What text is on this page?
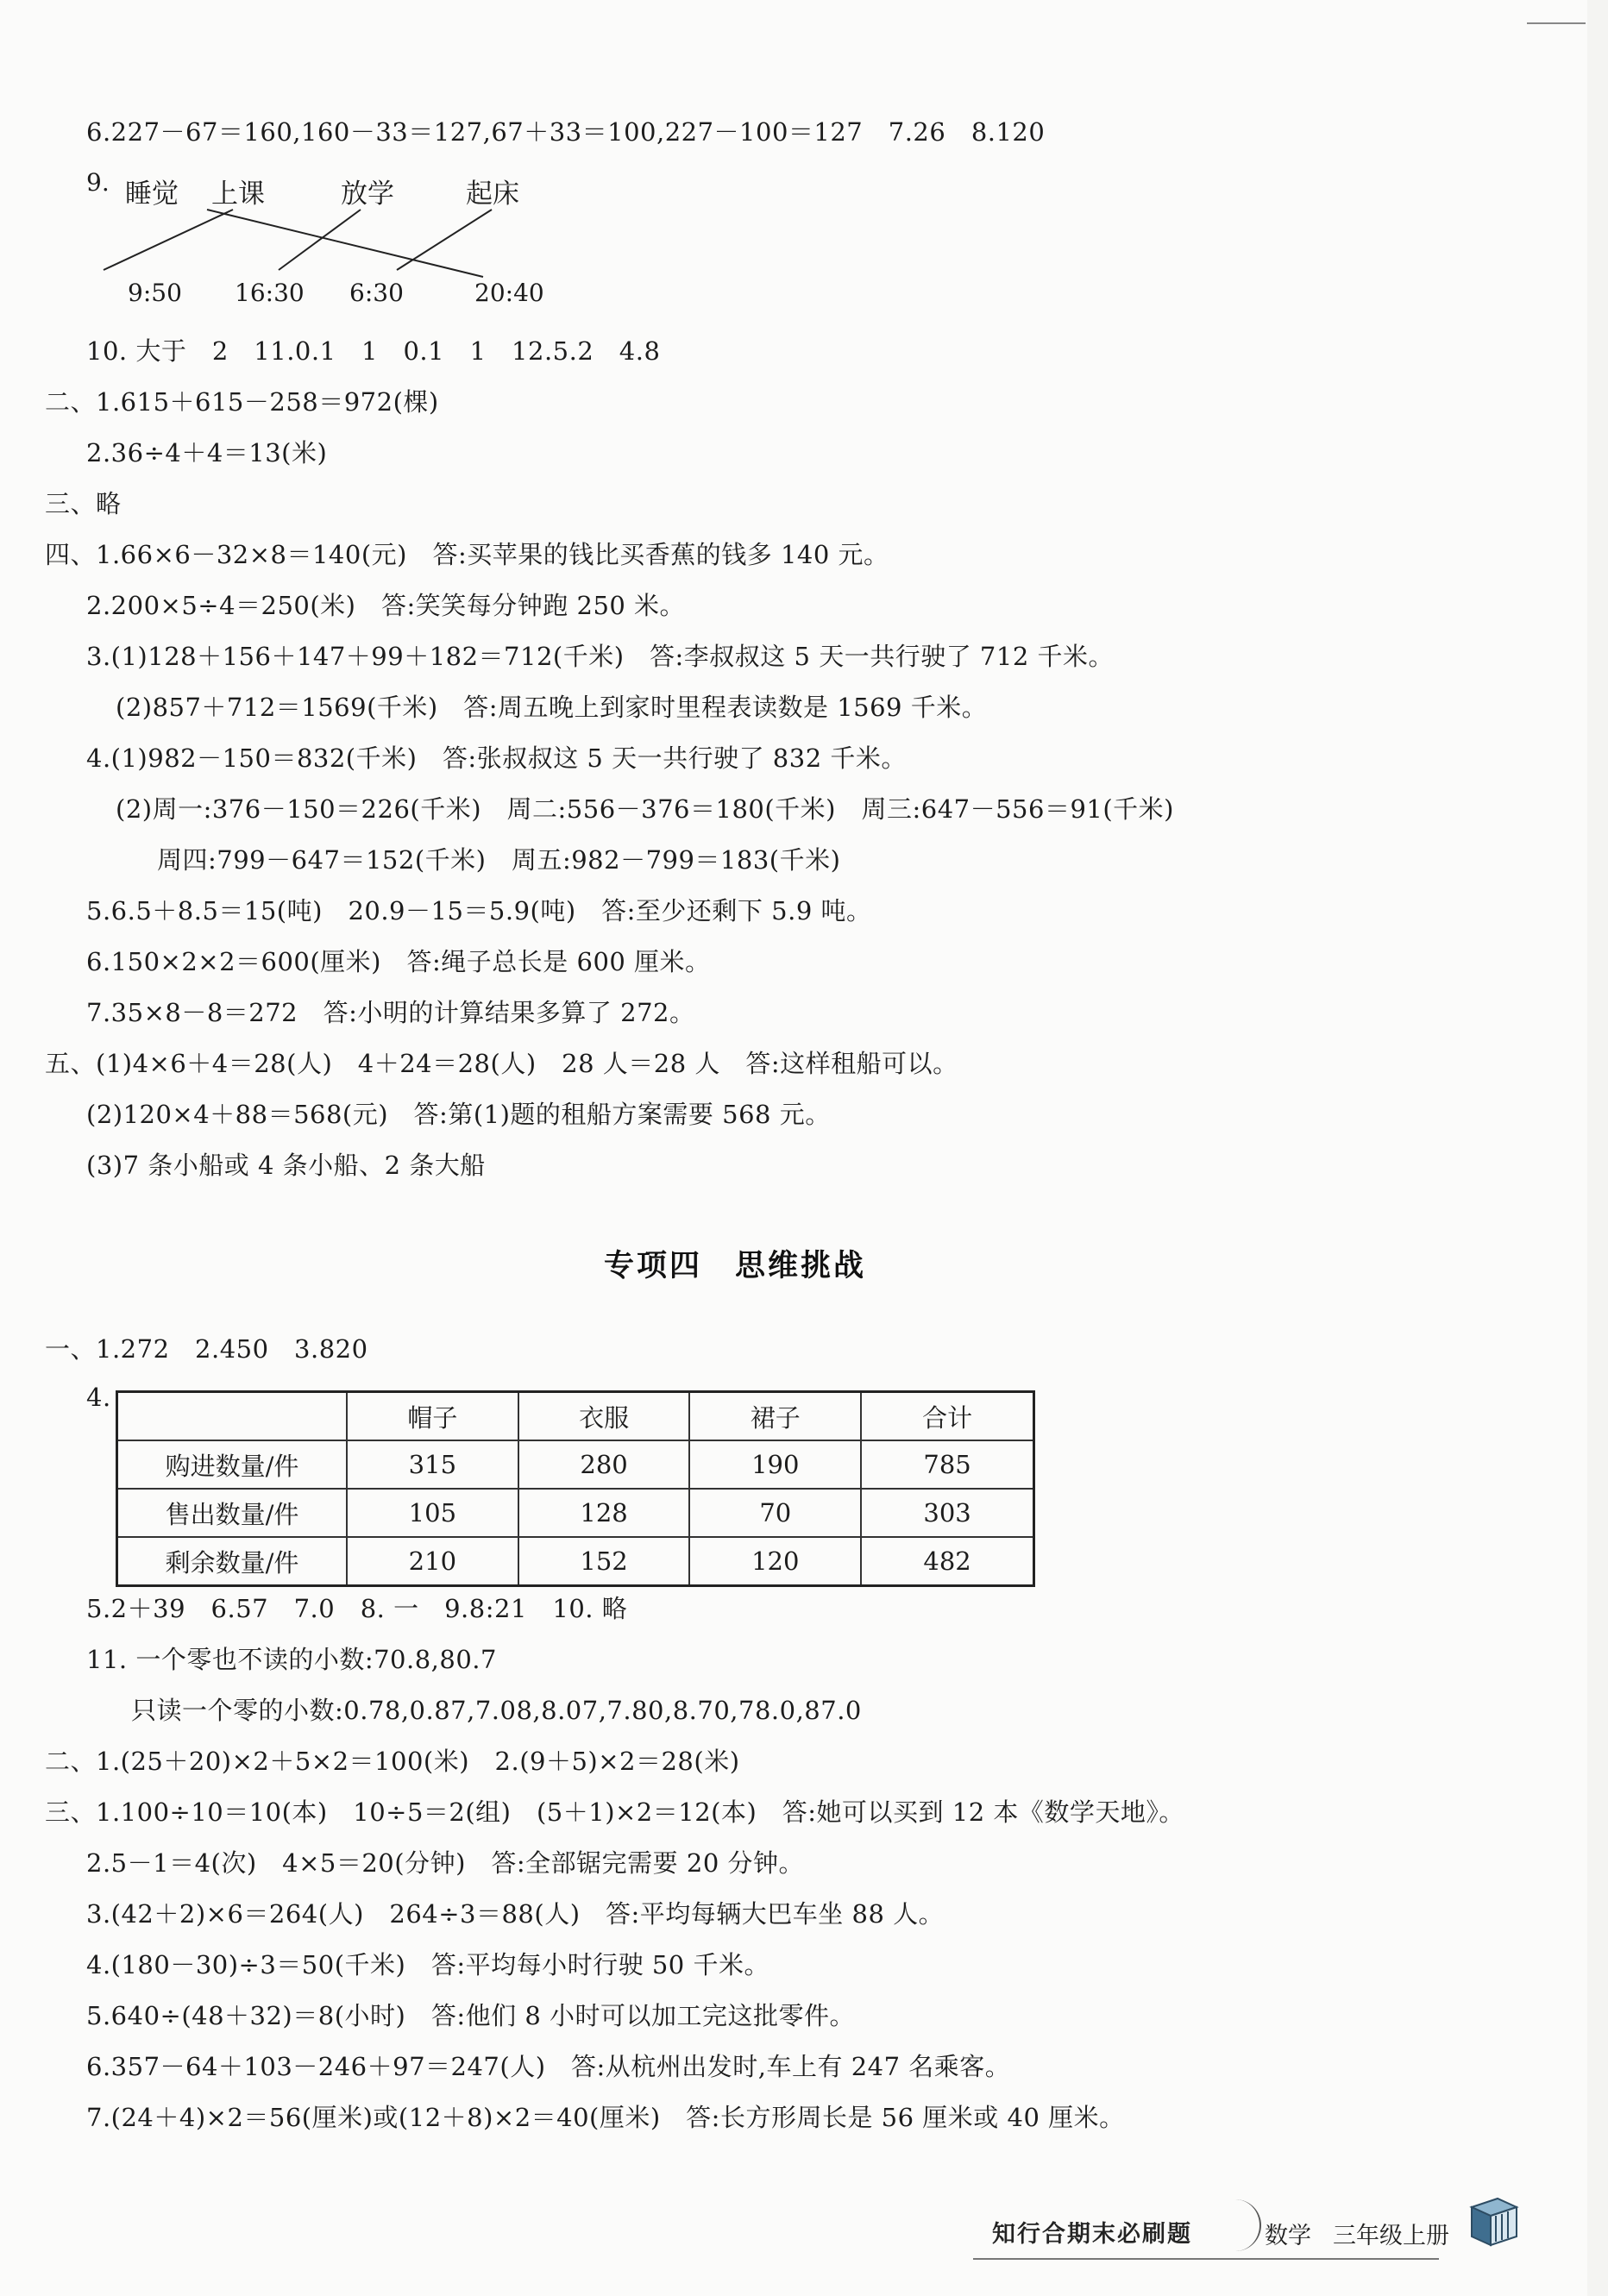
6.227－67＝160,160－33＝127,67＋33＝100,227－100＝127　7.26　8.120
9. 睡觉 上课	放学	起床
9:50 16:30 6:30	20:40
10. 大于　2　11.0.1　1　0.1　1　12.5.2　4.8
二、1.615＋615－258＝972(棵)
2.36÷4＋4＝13(米)
三、略
四、1.66×6－32×8＝140(元)　答:买苹果的钱比买香蕉的钱多 140 元。
2.200×5÷4＝250(米)　答:笑笑每分钟跑 250 米。
3.(1)128＋156＋147＋99＋182＝712(千米)　答:李叔叔这 5 天一共行驶了 712 千米。
(2)857＋712＝1569(千米)　答:周五晚上到家时里程表读数是 1569 千米。
4.(1)982－150＝832(千米)　答:张叔叔这 5 天一共行驶了 832 千米。
(2)周一:376－150＝226(千米)　周二:556－376＝180(千米)　周三:647－556＝91(千米)
周四:799－647＝152(千米)　周五:982－799＝183(千米)
5.6.5＋8.5＝15(吨)　20.9－15＝5.9(吨)　答:至少还剩下 5.9 吨。
6.150×2×2＝600(厘米)　答:绳子总长是 600 厘米。
7.35×8－8＝272　答:小明的计算结果多算了 272。
五、(1)4×6＋4＝28(人)　4＋24＝28(人)　28 人＝28 人　答:这样租船可以。
(2)120×4＋88＝568(元)　答:第(1)题的租船方案需要 568 元。
(3)7 条小船或 4 条小船、2 条大船
专项四　思维挑战
一、1.272　2.450　3.820
4.
	帽子	衣服	裙子	合计
购进数量/件	315	280	190	785
售出数量/件	105	128	70	303
剩余数量/件	210	152	120	482
5.2＋39　6.57　7.0　8. 一　9.8:21　10. 略
11. 一个零也不读的小数:70.8,80.7
只读一个零的小数:0.78,0.87,7.08,8.07,7.80,8.70,78.0,87.0
二、1.(25＋20)×2＋5×2＝100(米)　2.(9＋5)×2＝28(米)
三、1.100÷10＝10(本)　10÷5＝2(组)　(5＋1)×2＝12(本)　答:她可以买到 12 本《数学天地》。
2.5－1＝4(次)　4×5＝20(分钟)　答:全部锯完需要 20 分钟。
3.(42＋2)×6＝264(人)　264÷3＝88(人)　答:平均每辆大巴车坐 88 人。
4.(180－30)÷3＝50(千米)　答:平均每小时行驶 50 千米。
5.640÷(48＋32)＝8(小时)　答:他们 8 小时可以加工完这批零件。
6.357－64＋103－246＋97＝247(人)　答:从杭州出发时,车上有 247 名乘客。
7.(24＋4)×2＝56(厘米)或(12＋8)×2＝40(厘米)　答:长方形周长是 56 厘米或 40 厘米。
知行合期末必刷题	数学 三年级上册
